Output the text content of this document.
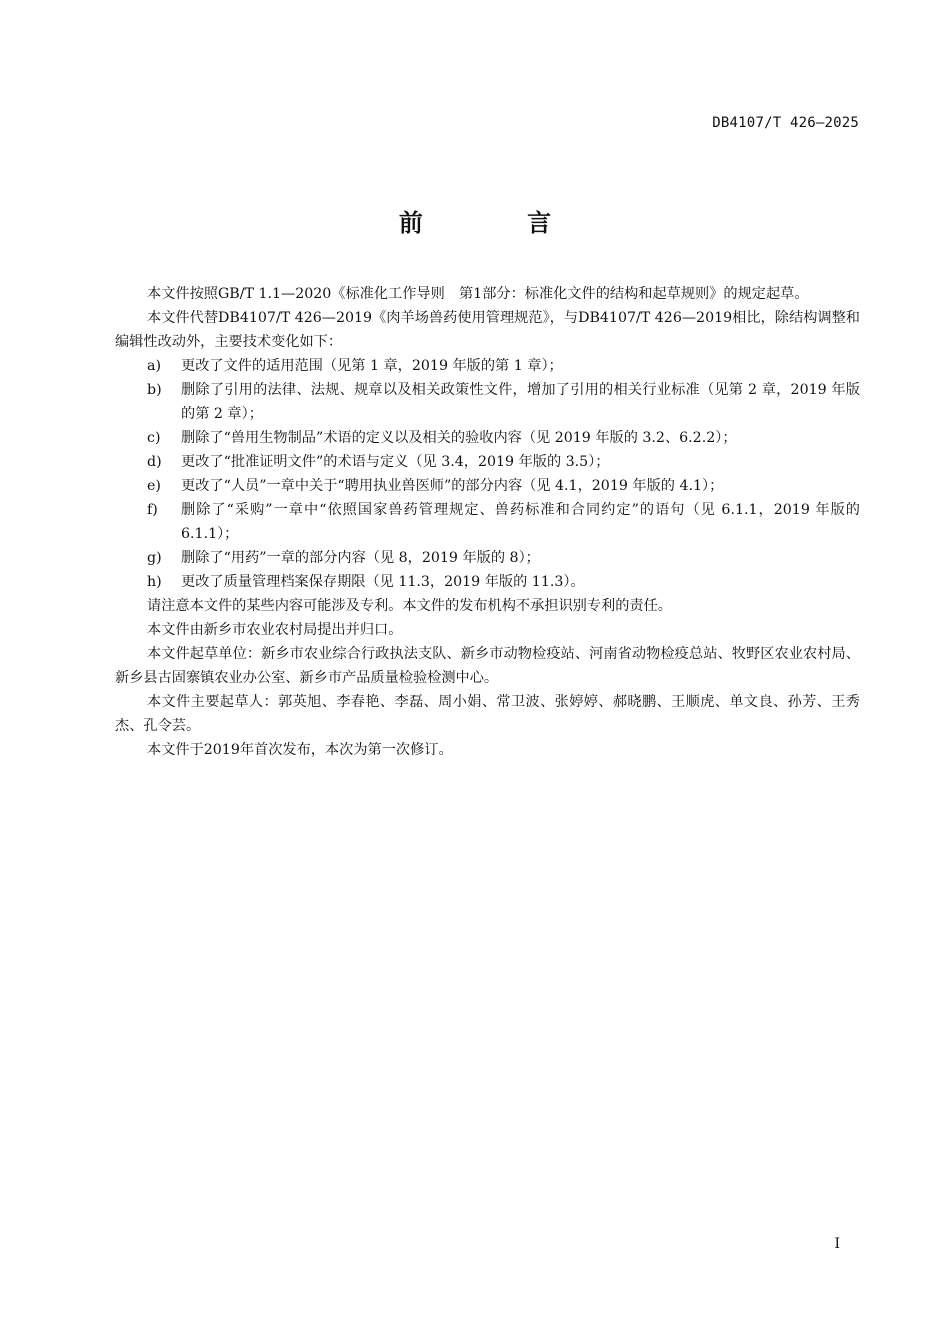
DB4107/T 426—2025
前 言

本文件按照GB/T 1.1—2020《标准化工作导则　第1部分：标准化文件的结构和起草规则》的规定起草。

本文件代替DB4107/T 426—2019《肉羊场兽药使用管理规范》，与DB4107/T 426—2019相比，除结构调整和编辑性改动外，主要技术变化如下：

a)	更改了文件的适用范围（见第 1 章，2019 年版的第 1 章）；
b)	删除了引用的法律、法规、规章以及相关政策性文件，增加了引用的相关行业标准（见第 2 章，2019 年版的第 2 章）；
c)	删除了“兽用生物制品”术语的定义以及相关的验收内容（见 2019 年版的 3.2、6.2.2）；
d)	更改了“批准证明文件”的术语与定义（见 3.4，2019 年版的 3.5）；
e)	更改了“人员”一章中关于“聘用执业兽医师”的部分内容（见 4.1，2019 年版的 4.1）；
f)	删除了“采购”一章中“依照国家兽药管理规定、兽药标准和合同约定”的语句（见 6.1.1，2019 年版的 6.1.1）；
g)	删除了“用药”一章的部分内容（见 8，2019 年版的 8）；
h)	更改了质量管理档案保存期限（见 11.3，2019 年版的 11.3）。

请注意本文件的某些内容可能涉及专利。本文件的发布机构不承担识别专利的责任。

本文件由新乡市农业农村局提出并归口。

本文件起草单位：新乡市农业综合行政执法支队、新乡市动物检疫站、河南省动物检疫总站、牧野区农业农村局、新乡县古固寨镇农业办公室、新乡市产品质量检验检测中心。

本文件主要起草人：郭英旭、李春艳、李磊、周小娟、常卫波、张婷婷、郝晓鹏、王顺虎、单文良、孙芳、王秀杰、孔令芸。

本文件于2019年首次发布，本次为第一次修订。

I
